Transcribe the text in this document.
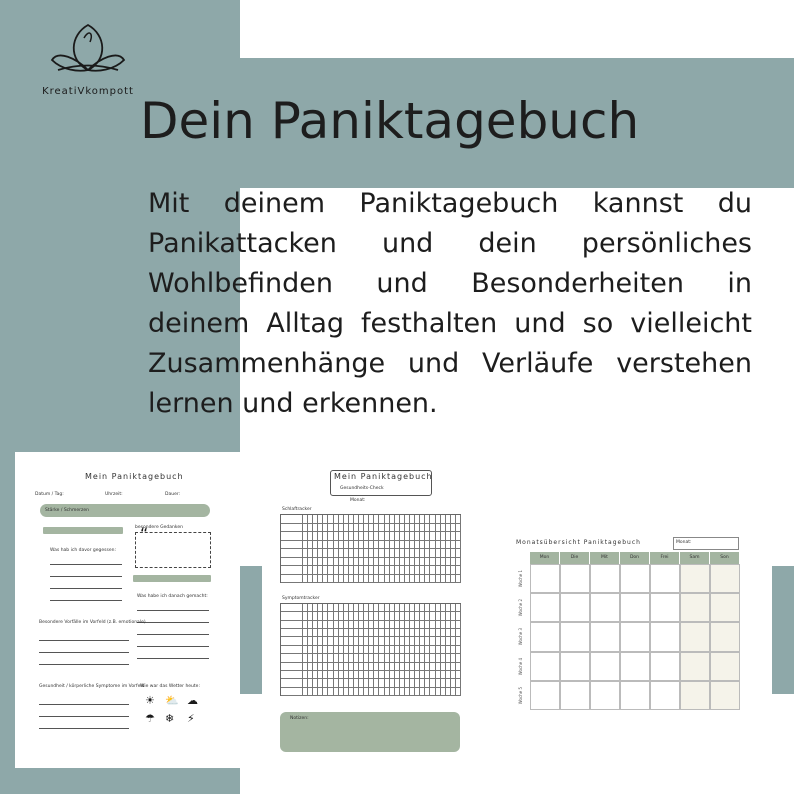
KreatiVkompott
Dein Paniktagebuch
Mit deinem Paniktagebuch kannst du Panikattacken und dein persönliches Wohlbefinden und Besonderheiten in deinem Alltag festhalten und so vielleicht Zusammenhänge und Verläufe verstehen lernen und erkennen.
Mein Paniktagebuch
Datum / Tag:	Uhrzeit:	Dauer:
Stärke / Schmerzen
Was hab ich davor gegessen:
besondere Gedanken
“
Was habe ich danach gemacht:
Besondere Vorfälle im Vorfeld (z.B. emotionale)
Gesundheit / körperliche Symptome im Vorfeld
Wie war das Wetter heute:
☀ ⛅ ☁
☂ ❄ ⚡
Mein Paniktagebuch
Gesundheits-Check
Monat:
Schlaftracker
Symptomtracker
Notizen:
Monatsübersicht Paniktagebuch	Monat:
Mon	Die	Mit	Don	Frei	Sam	Son
Woche 1
Woche 2
Woche 3
Woche 4
Woche 5
